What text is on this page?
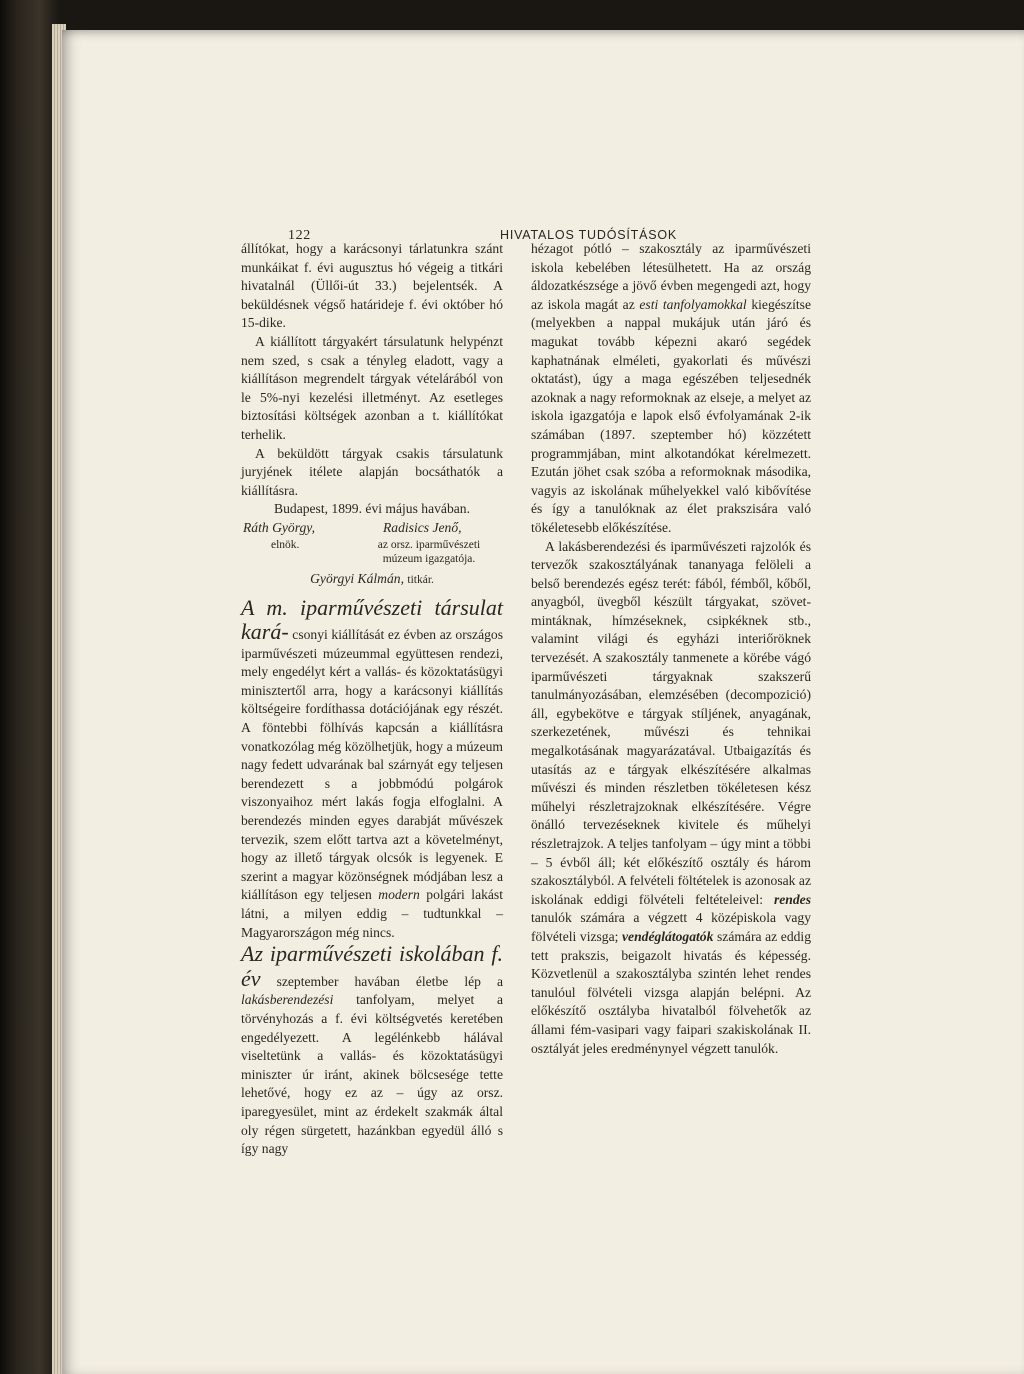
122	HIVATALOS TUDÓSÍTÁSOK

állítókat, hogy a karácsonyi tárlatunkra szánt munkáikat f. évi augusztus hó végeig a titkári hivatalnál (Üllői-út 33.) bejelentsék. A beküldésnek végső határideje f. évi október hó 15-dike.

A kiállított tárgyakért társulatunk helypénzt nem szed, s csak a tényleg eladott, vagy a kiállításon megrendelt tárgyak vételárából von le 5%-nyi kezelési illetményt. Az esetleges biztosítási költségek azonban a t. kiállítókat terhelik.

A beküldött tárgyak csakis társulatunk juryjének itélete alapján bocsáthatók a kiállításra.

Budapest, 1899. évi május havában.

Ráth György,	Radisics Jenő,
elnök.	az orsz. iparművészeti múzeum igazgatója.

Györgyi Kálmán, titkár.

A m. iparművészeti társulat kará- csonyi kiállítását ez évben az országos iparművészeti múzeummal együttesen rendezi, mely engedélyt kért a vallás- és közoktatásügyi minisztertől arra, hogy a karácsonyi kiállítás költségeire fordíthassa dotációjának egy részét. A föntebbi fölhívás kapcsán a kiállításra vonatkozólag még közölhetjük, hogy a múzeum nagy fedett udvarának bal szárnyát egy teljesen berendezett s a jobbmódú polgárok viszonyaihoz mért lakás fogja elfoglalni. A berendezés minden egyes darabját művészek tervezik, szem előtt tartva azt a követelményt, hogy az illető tárgyak olcsók is legyenek. E szerint a magyar közönségnek módjában lesz a kiállításon egy teljesen modern polgári lakást látni, a milyen eddig – tudtunkkal – Magyarországon még nincs.

Az iparművészeti iskolában f. év szeptember havában életbe lép a lakásberendezési tanfolyam, melyet a törvényhozás a f. évi költségvetés keretében engedélyezett. A legélénkebb hálával viseltetünk a vallás- és közoktatásügyi miniszter úr iránt, akinek bölcsesége tette lehetővé, hogy ez az – úgy az orsz. iparegyesület, mint az érdekelt szakmák által oly régen sürgetett, hazánkban egyedül álló s így nagy

hézagot pótló – szakosztály az iparművészeti iskola kebelében létesülhetett. Ha az ország áldozatkészsége a jövő évben megengedi azt, hogy az iskola magát az esti tanfolyamokkal kiegészítse (melyekben a nappal mukájuk után járó és magukat tovább képezni akaró segédek kaphatnának elméleti, gyakorlati és művészi oktatást), úgy a maga egészében teljesednék azoknak a nagy reformoknak az elseje, a melyet az iskola igazgatója e lapok első évfolyamának 2-ik számában (1897. szeptember hó) közzétett programmjában, mint alkotandókat kérelmezett. Ezután jöhet csak szóba a reformoknak másodika, vagyis az iskolának műhelyekkel való kibővítése és így a tanulóknak az élet prakszisára való tökéletesebb előkészítése.

A lakásberendezési és iparművészeti rajzolók és tervezők szakosztályának tananyaga felöleli a belső berendezés egész terét: fából, fémből, kőből, anyagból, üvegből készült tárgyakat, szövet-mintáknak, hímzéseknek, csipkéknek stb., valamint világi és egyházi interiőröknek tervezését. A szakosztály tanmenete a körébe vágó iparművészeti tárgyaknak szakszerű tanulmányozásában, elemzésében (decompozició) áll, egybekötve e tárgyak stíljének, anyagának, szerkezetének, művészi és tehnikai megalkotásának magyarázatával. Utbaigazítás és utasítás az e tárgyak elkészítésére alkalmas művészi és minden részletben tökéletesen kész műhelyi részletrajzoknak elkészítésére. Végre önálló tervezéseknek kivitele és műhelyi részletrajzok. A teljes tanfolyam – úgy mint a többi – 5 évből áll; két előkészítő osztály és három szakosztályból. A felvételi föltételek is azonosak az iskolának eddigi fölvételi feltételeivel: rendes tanulók számára a végzett 4 középiskola vagy fölvételi vizsga; vendéglátogatók számára az eddig tett prakszis, beigazolt hivatás és képesség. Közvetlenül a szakosztályba szintén lehet rendes tanulóul fölvételi vizsga alapján belépni. Az előkészítő osztályba hivatalból fölvehetők az állami fém-vasipari vagy faipari szakiskolának II. osztályát jeles eredménynyel végzett tanulók.
